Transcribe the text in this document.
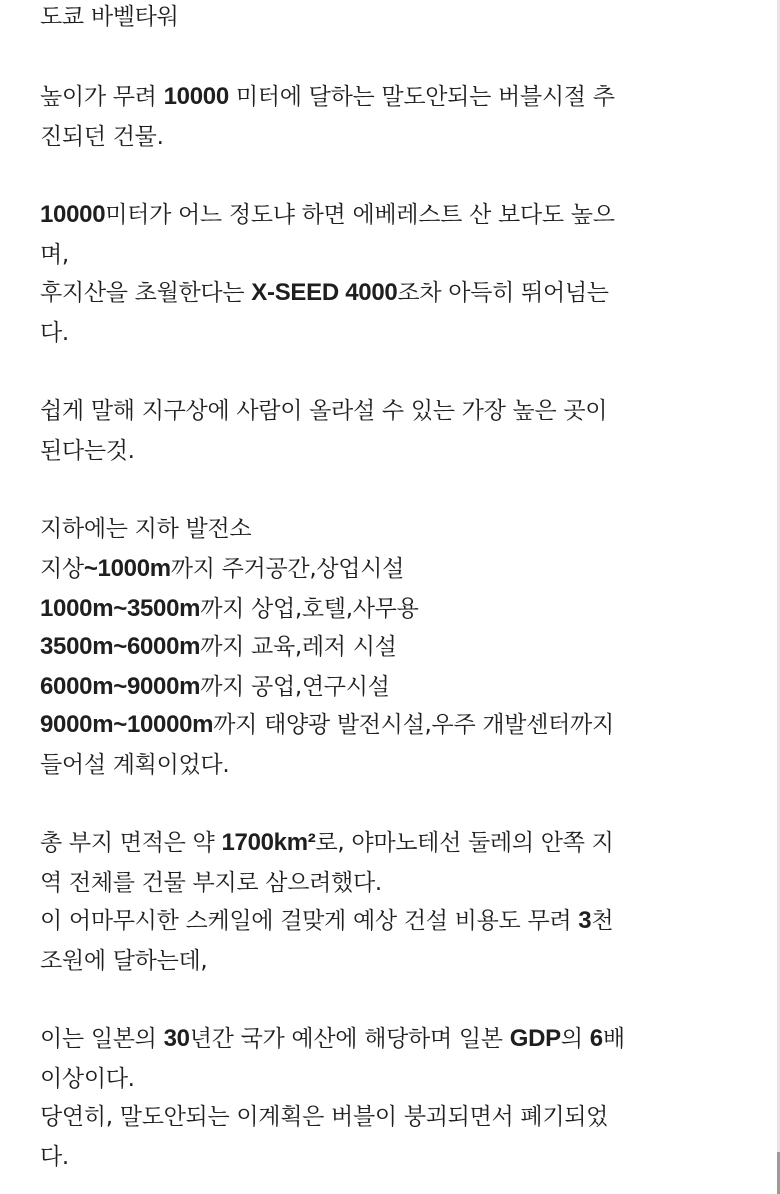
도쿄 바벨타워
높이가 무려 10000 미터에 달하는 말도안되는 버블시절 추
진되던 건물.
10000미터가 어느 정도냐 하면 에베레스트 산 보다도 높으
며,
후지산을 초월한다는 X-SEED 4000조차 아득히 뛰어넘는
다.
쉽게 말해 지구상에 사람이 올라설 수 있는 가장 높은 곳이
된다는것.
지하에는 지하 발전소
지상~1000m까지 주거공간,상업시설
1000m~3500m까지 상업,호텔,사무용
3500m~6000m까지 교육,레저 시설
6000m~9000m까지 공업,연구시설
9000m~10000m까지 태양광 발전시설,우주 개발센터까지
들어설 계획이었다.
총 부지 면적은 약 1700km²로, 야마노테선 둘레의 안쪽 지
역 전체를 건물 부지로 삼으려했다.
이 어마무시한 스케일에 걸맞게 예상 건설 비용도 무려 3천
조원에 달하는데,
이는 일본의 30년간 국가 예산에 해당하며 일본 GDP의 6배
이상이다.
당연히, 말도안되는 이계획은 버블이 붕괴되면서 폐기되었
다.
